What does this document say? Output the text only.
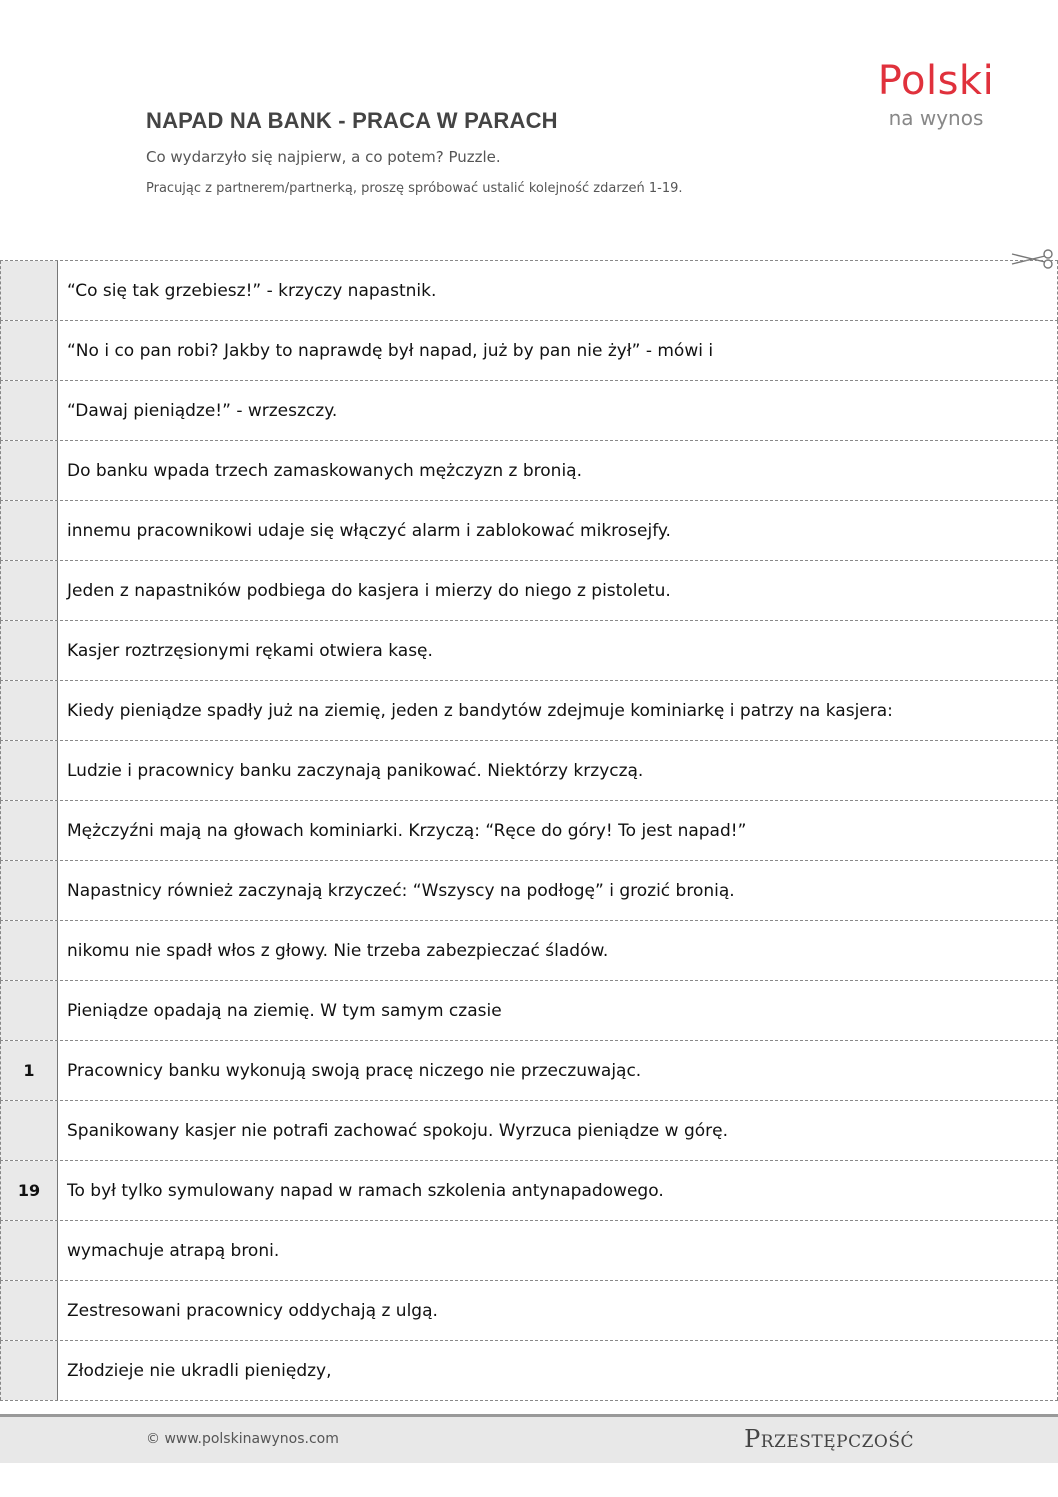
NAPAD NA BANK - PRACA W PARACH
Co wydarzyło się najpierw, a co potem? Puzzle.
Pracując z partnerem/partnerką, proszę spróbować ustalić kolejność zdarzeń 1-19.
Polski
na wynos
“Co się tak grzebiesz!” - krzyczy napastnik.
“No i co pan robi? Jakby to naprawdę był napad, już by pan nie żył” - mówi i
“Dawaj pieniądze!” - wrzeszczy.
Do banku wpada trzech zamaskowanych mężczyzn z bronią.
innemu pracownikowi udaje się włączyć alarm i zablokować mikrosejfy.
Jeden z napastników podbiega do kasjera i mierzy do niego z pistoletu.
Kasjer roztrzęsionymi rękami otwiera kasę.
Kiedy pieniądze spadły już na ziemię, jeden z bandytów zdejmuje kominiarkę i patrzy na kasjera:
Ludzie i pracownicy banku zaczynają panikować. Niektórzy krzyczą.
Mężczyźni mają na głowach kominiarki. Krzyczą: “Ręce do góry! To jest napad!”
Napastnicy również zaczynają krzyczeć: “Wszyscy na podłogę” i grozić bronią.
nikomu nie spadł włos z głowy. Nie trzeba zabezpieczać śladów.
Pieniądze opadają na ziemię. W tym samym czasie
1	Pracownicy banku wykonują swoją pracę niczego nie przeczuwając.
Spanikowany kasjer nie potrafi zachować spokoju. Wyrzuca pieniądze w górę.
19	To był tylko symulowany napad w ramach szkolenia antynapadowego.
wymachuje atrapą broni.
Zestresowani pracownicy oddychają z ulgą.
Złodzieje nie ukradli pieniędzy,
© www.polskinawynos.com	Przestępczość
